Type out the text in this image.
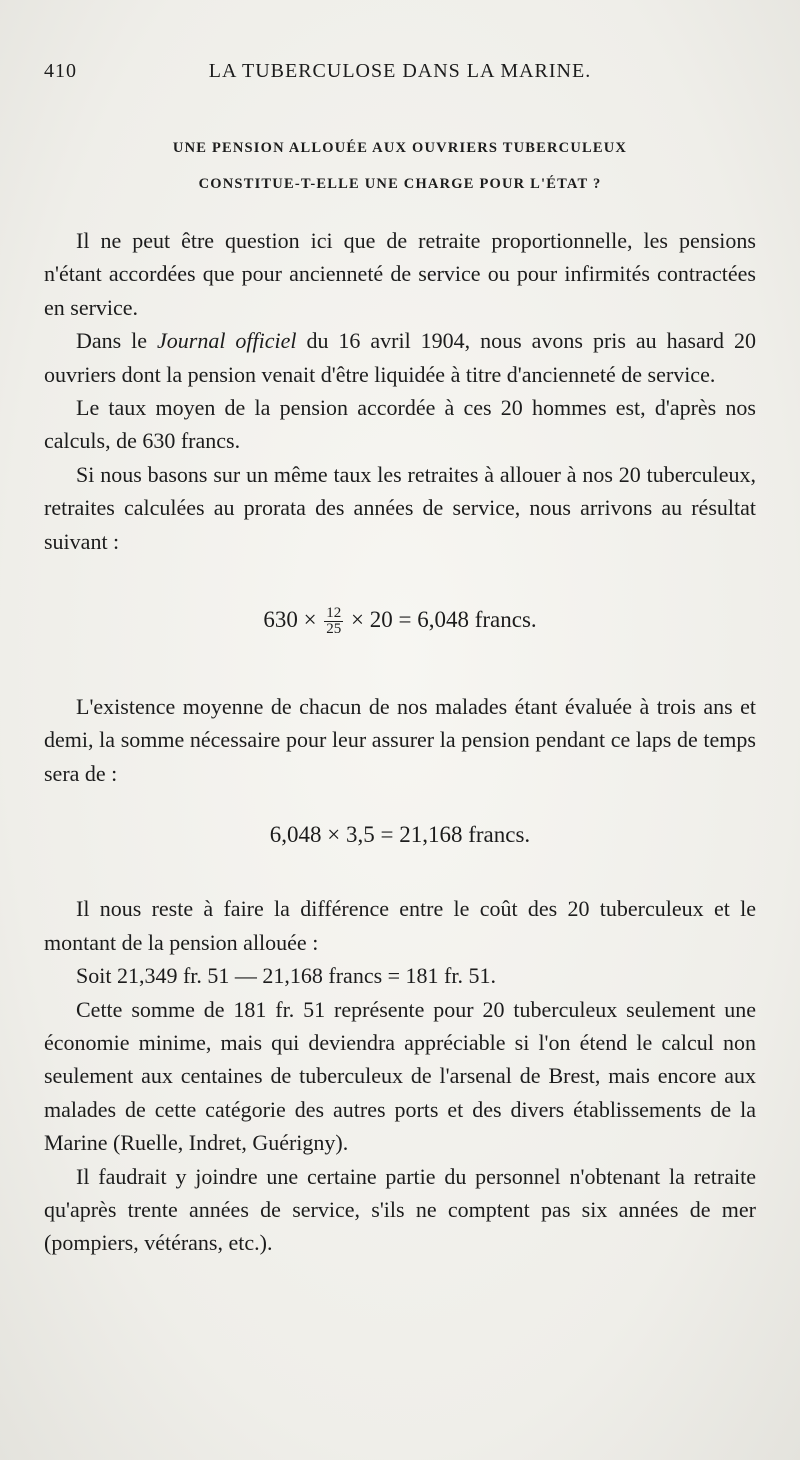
410	LA TUBERCULOSE DANS LA MARINE.
UNE PENSION ALLOUÉE AUX OUVRIERS TUBERCULEUX
CONSTITUE-T-ELLE UNE CHARGE POUR L'ÉTAT ?

Il ne peut être question ici que de retraite proportionnelle, les pensions n'étant accordées que pour ancienneté de service ou pour infirmités contractées en service.

Dans le Journal officiel du 16 avril 1904, nous avons pris au hasard 20 ouvriers dont la pension venait d'être liquidée à titre d'ancienneté de service.

Le taux moyen de la pension accordée à ces 20 hommes est, d'après nos calculs, de 630 francs.

Si nous basons sur un même taux les retraites à allouer à nos 20 tuberculeux, retraites calculées au prorata des années de service, nous arrivons au résultat suivant :

$630 \times \frac{12}{25} \times 20 = 6,048$ francs.

L'existence moyenne de chacun de nos malades étant évaluée à trois ans et demi, la somme nécessaire pour leur assurer la pension pendant ce laps de temps sera de :

6,048 × 3,5 = 21,168 francs.

Il nous reste à faire la différence entre le coût des 20 tuberculeux et le montant de la pension allouée :

Soit 21,349 fr. 51 — 21,168 francs = 181 fr. 51.

Cette somme de 181 fr. 51 représente pour 20 tuberculeux seulement une économie minime, mais qui deviendra appréciable si l'on étend le calcul non seulement aux centaines de tuberculeux de l'arsenal de Brest, mais encore aux malades de cette catégorie des autres ports et des divers établissements de la Marine (Ruelle, Indret, Guérigny).

Il faudrait y joindre une certaine partie du personnel n'obtenant la retraite qu'après trente années de service, s'ils ne comptent pas six années de mer (pompiers, vétérans, etc.).
